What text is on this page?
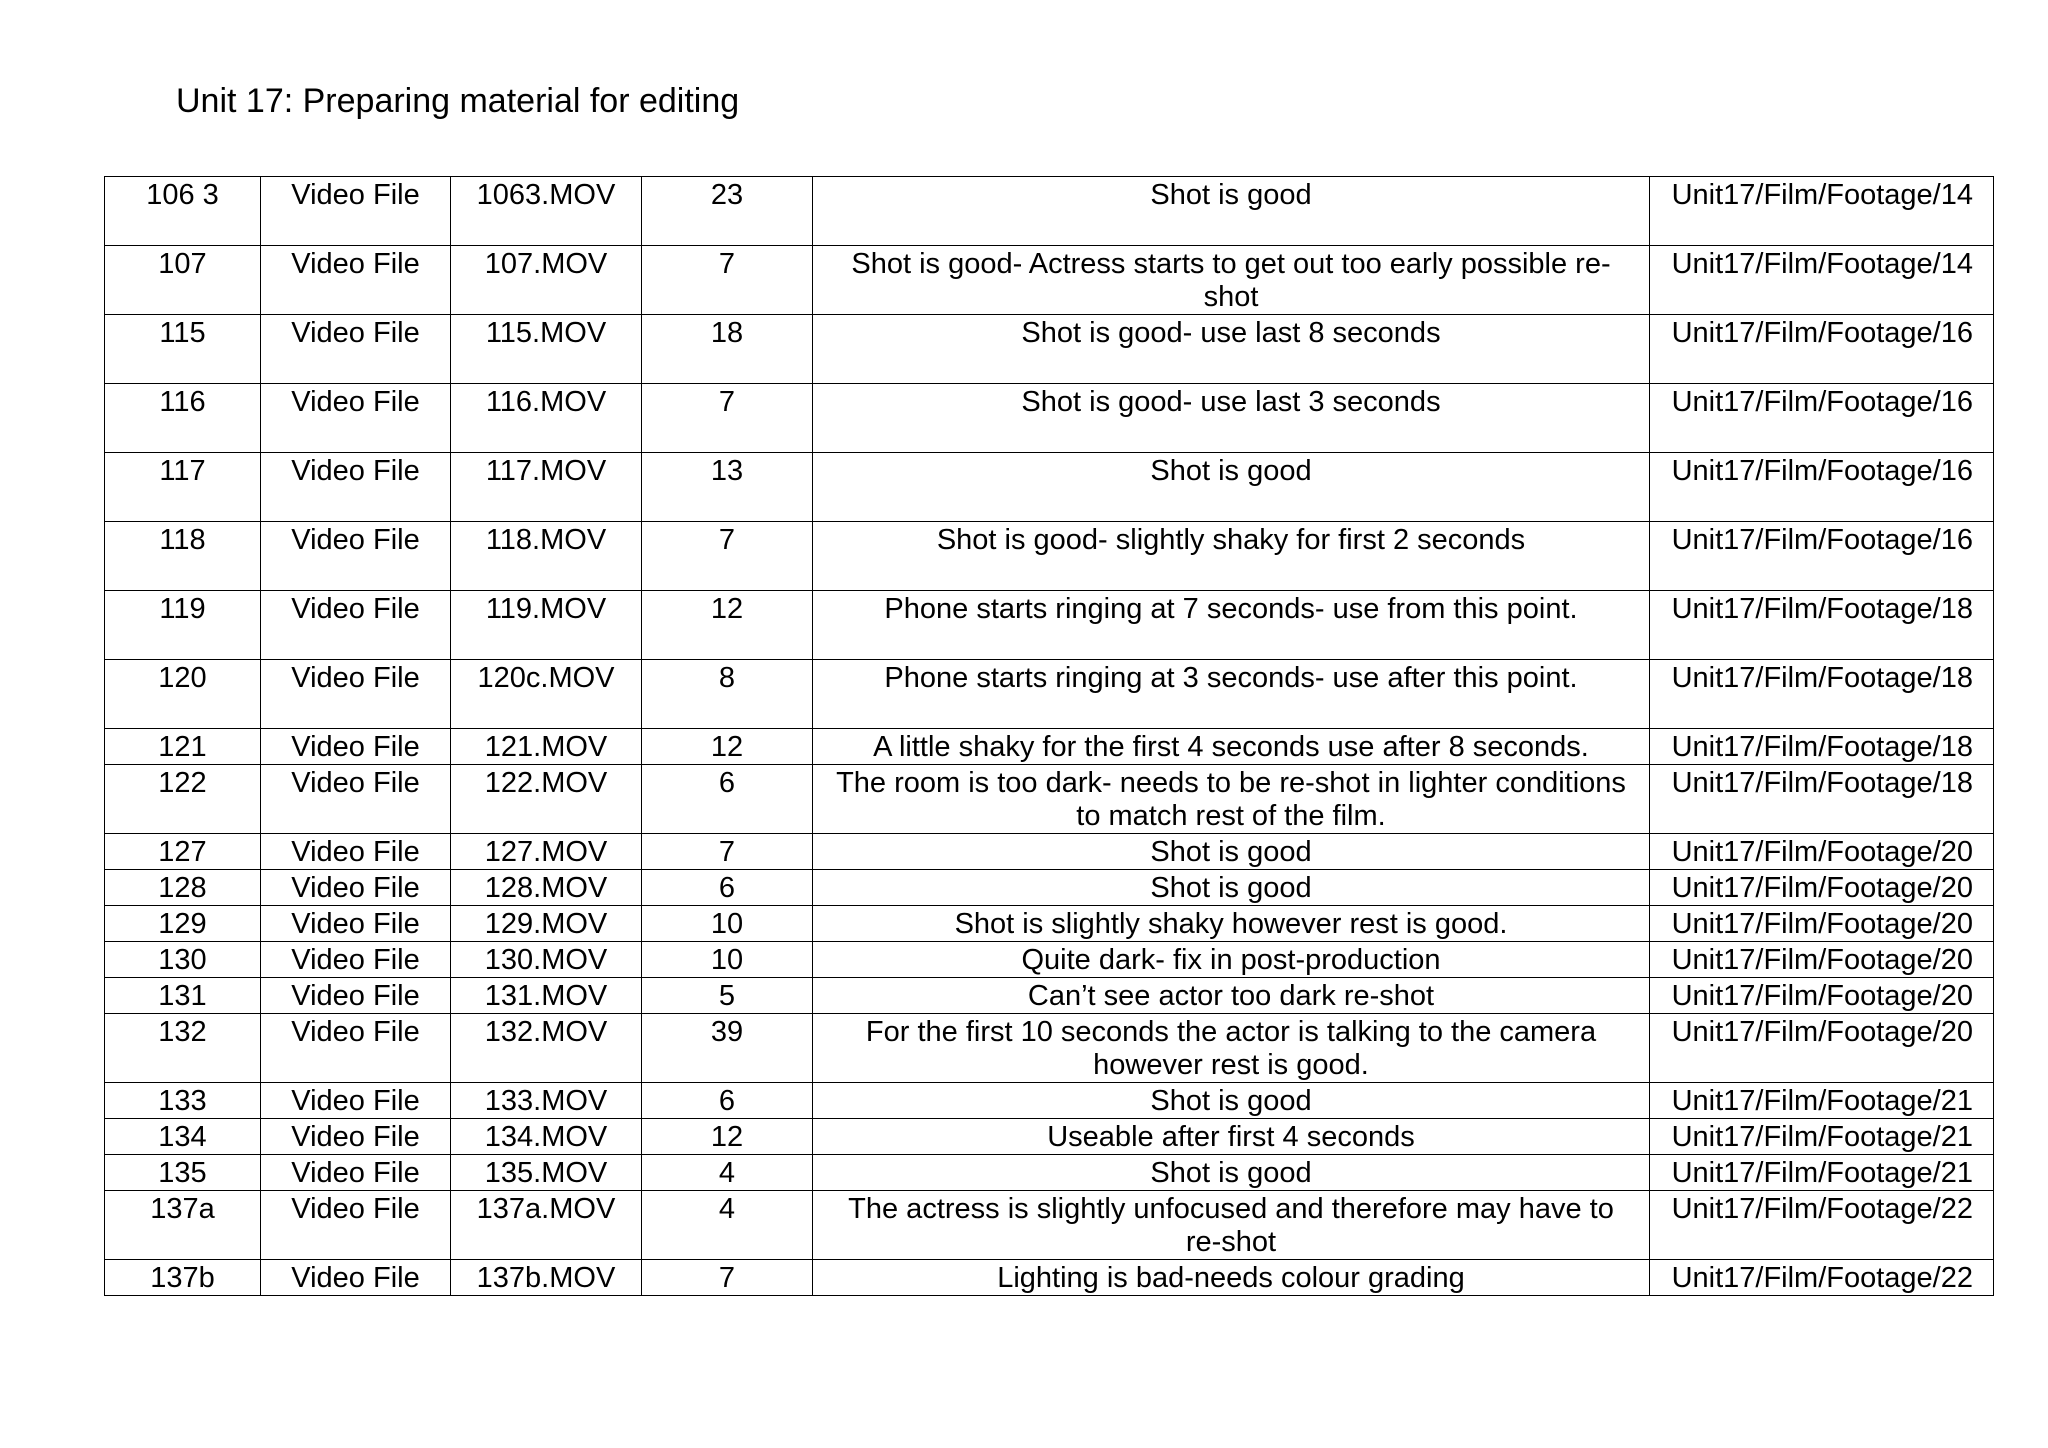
Unit 17: Preparing material for editing
106 3	Video File	1063.MOV	23	Shot is good	Unit17/Film/Footage/14
107	Video File	107.MOV	7	Shot is good- Actress starts to get out too early possible re-shot	Unit17/Film/Footage/14
115	Video File	115.MOV	18	Shot is good- use last 8 seconds	Unit17/Film/Footage/16
116	Video File	116.MOV	7	Shot is good- use last 3 seconds	Unit17/Film/Footage/16
117	Video File	117.MOV	13	Shot is good	Unit17/Film/Footage/16
118	Video File	118.MOV	7	Shot is good- slightly shaky for first 2 seconds	Unit17/Film/Footage/16
119	Video File	119.MOV	12	Phone starts ringing at 7 seconds- use from this point.	Unit17/Film/Footage/18
120	Video File	120c.MOV	8	Phone starts ringing at 3 seconds- use after this point.	Unit17/Film/Footage/18
121	Video File	121.MOV	12	A little shaky for the first 4 seconds use after 8 seconds.	Unit17/Film/Footage/18
122	Video File	122.MOV	6	The room is too dark- needs to be re-shot in lighter conditions to match rest of the film.	Unit17/Film/Footage/18
127	Video File	127.MOV	7	Shot is good	Unit17/Film/Footage/20
128	Video File	128.MOV	6	Shot is good	Unit17/Film/Footage/20
129	Video File	129.MOV	10	Shot is slightly shaky however rest is good.	Unit17/Film/Footage/20
130	Video File	130.MOV	10	Quite dark- fix in post-production	Unit17/Film/Footage/20
131	Video File	131.MOV	5	Can’t see actor too dark re-shot	Unit17/Film/Footage/20
132	Video File	132.MOV	39	For the first 10 seconds the actor is talking to the camera however rest is good.	Unit17/Film/Footage/20
133	Video File	133.MOV	6	Shot is good	Unit17/Film/Footage/21
134	Video File	134.MOV	12	Useable after first 4 seconds	Unit17/Film/Footage/21
135	Video File	135.MOV	4	Shot is good	Unit17/Film/Footage/21
137a	Video File	137a.MOV	4	The actress is slightly unfocused and therefore may have to re-shot	Unit17/Film/Footage/22
137b	Video File	137b.MOV	7	Lighting is bad-needs colour grading	Unit17/Film/Footage/22
